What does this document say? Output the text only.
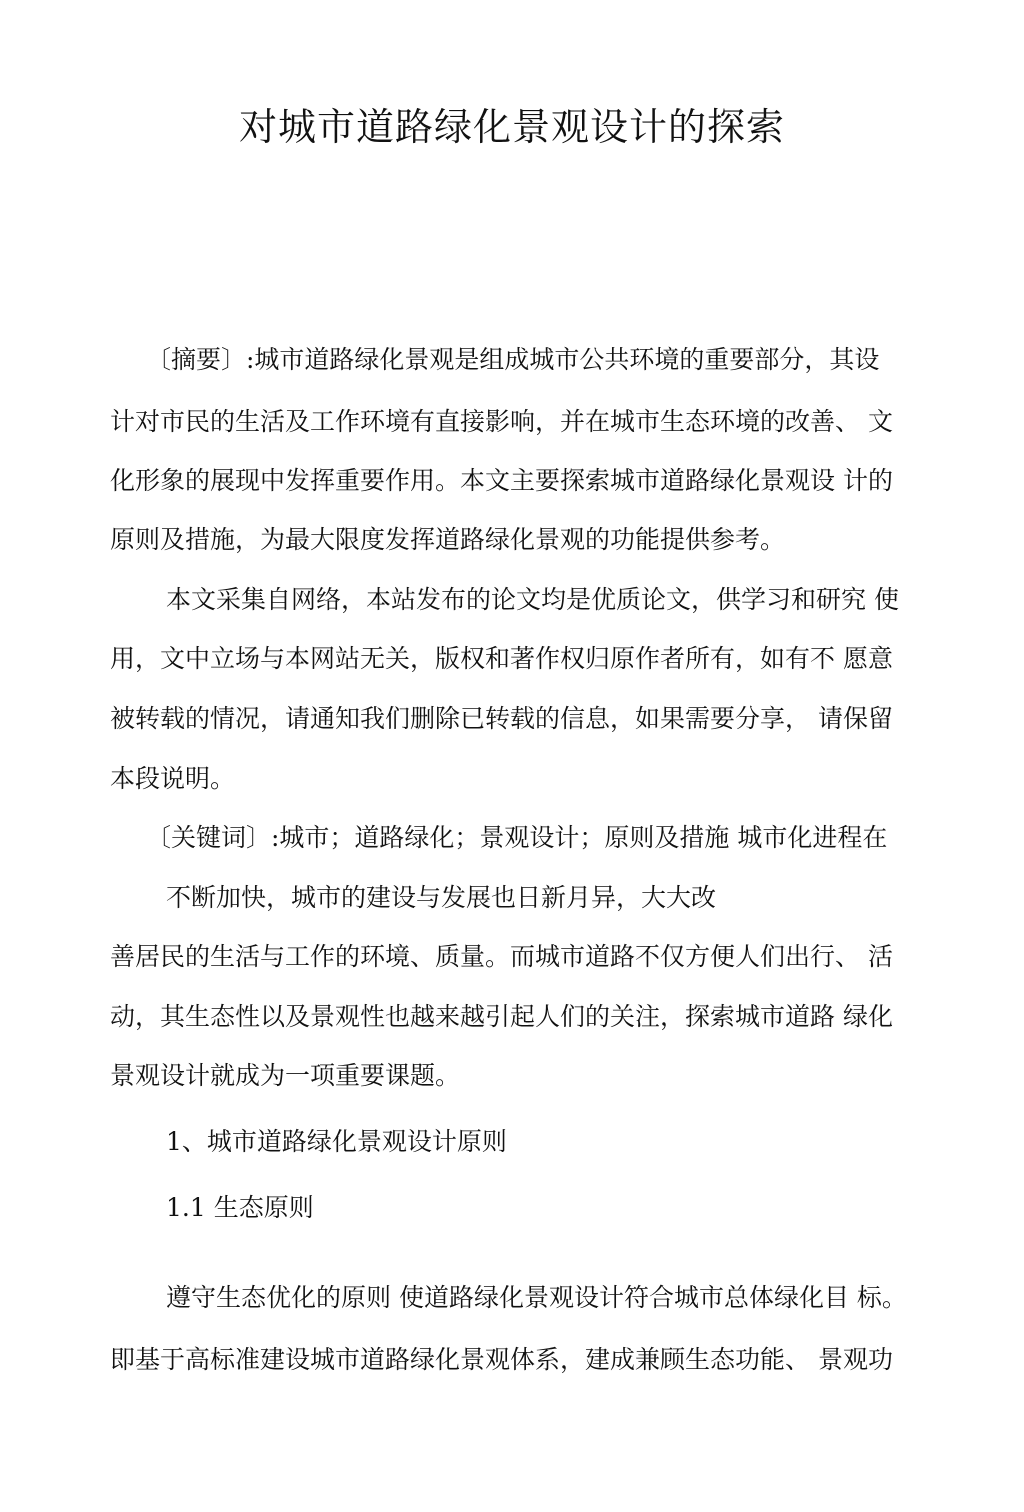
对城市道路绿化景观设计的探索
〔摘要〕:城市道路绿化景观是组成城市公共环境的重要部分，其设
计对市民的生活及工作环境有直接影响，并在城市生态环境的改善、 文
化形象的展现中发挥重要作用。本文主要探索城市道路绿化景观设 计的
原则及措施，为最大限度发挥道路绿化景观的功能提供参考。
本文采集自网络，本站发布的论文均是优质论文，供学习和研究 使
用，文中立场与本网站无关，版权和著作权归原作者所有，如有不 愿意
被转载的情况，请通知我们删除已转载的信息，如果需要分享， 请保留
本段说明。
〔关键词〕:城市；道路绿化；景观设计；原则及措施 城市化进程在
不断加快，城市的建设与发展也日新月异，大大改
善居民的生活与工作的环境、质量。而城市道路不仅方便人们出行、 活
动，其生态性以及景观性也越来越引起人们的关注，探索城市道路 绿化
景观设计就成为一项重要课题。
1、城市道路绿化景观设计原则
1.1 生态原则
遵守生态优化的原则 使道路绿化景观设计符合城市总体绿化目 标。
即基于高标准建设城市道路绿化景观体系，建成兼顾生态功能、 景观功
